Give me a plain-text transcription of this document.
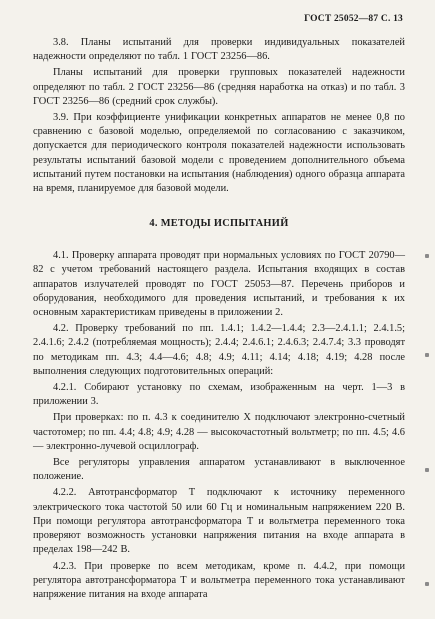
ГОСТ 25052—87 С. 13

3.8. Планы испытаний для проверки индивидуальных показателей надежности определяют по табл. 1 ГОСТ 23256—86.

Планы испытаний для проверки групповых показателей надежности определяют по табл. 2 ГОСТ 23256—86 (средняя наработка на отказ) и по табл. 3 ГОСТ 23256—86 (средний срок службы).

3.9. При коэффициенте унификации конкретных аппаратов не менее 0,8 по сравнению с базовой моделью, определяемой по согласованию с заказчиком, допускается для периодического контроля показателей надежности использовать результаты испытаний базовой модели с проведением дополнительного объема испытаний путем постановки на испытания (наблюдения) одного образца аппарата на время, планируемое для базовой модели.

4. МЕТОДЫ ИСПЫТАНИЙ

4.1. Проверку аппарата проводят при нормальных условиях по ГОСТ 20790—82 с учетом требований настоящего раздела. Испытания входящих в состав аппаратов излучателей проводят по ГОСТ 25053—87. Перечень приборов и оборудования, необходимого для проведения испытаний, и требования к их основным характеристикам приведены в приложении 2.

4.2. Проверку требований по пп. 1.4.1; 1.4.2—1.4.4; 2.3—2.4.1.1; 2.4.1.5; 2.4.1.6; 2.4.2 (потребляемая мощность); 2.4.4; 2.4.6.1; 2.4.6.3; 2.4.7.4; 3.3 проводят по методикам пп. 4.3; 4.4—4.6; 4.8; 4.9; 4.11; 4.14; 4.18; 4.19; 4.28 после выполнения следующих подготовительных операций:

4.2.1. Собирают установку по схемам, изображенным на черт. 1—3 в приложении 3.

При проверках: по п. 4.3 к соединителю X подключают электронно-счетный частотомер; по пп. 4.4; 4.8; 4.9; 4.28 — высокочастотный вольтметр; по пп. 4.5; 4.6 — электронно-лучевой осциллограф.

Все регуляторы управления аппаратом устанавливают в выключенное положение.

4.2.2. Автотрансформатор Т подключают к источнику переменного электрического тока частотой 50 или 60 Гц и номинальным напряжением 220 В. При помощи регулятора автотрансформатора Т и вольтметра переменного тока проверяют возможность установки напряжения питания на входе аппарата в пределах 198—242 В.

4.2.3. При проверке по всем методикам, кроме п. 4.4.2, при помощи регулятора автотрансформатора Т и вольтметра переменного тока устанавливают напряжение питания на входе аппарата
